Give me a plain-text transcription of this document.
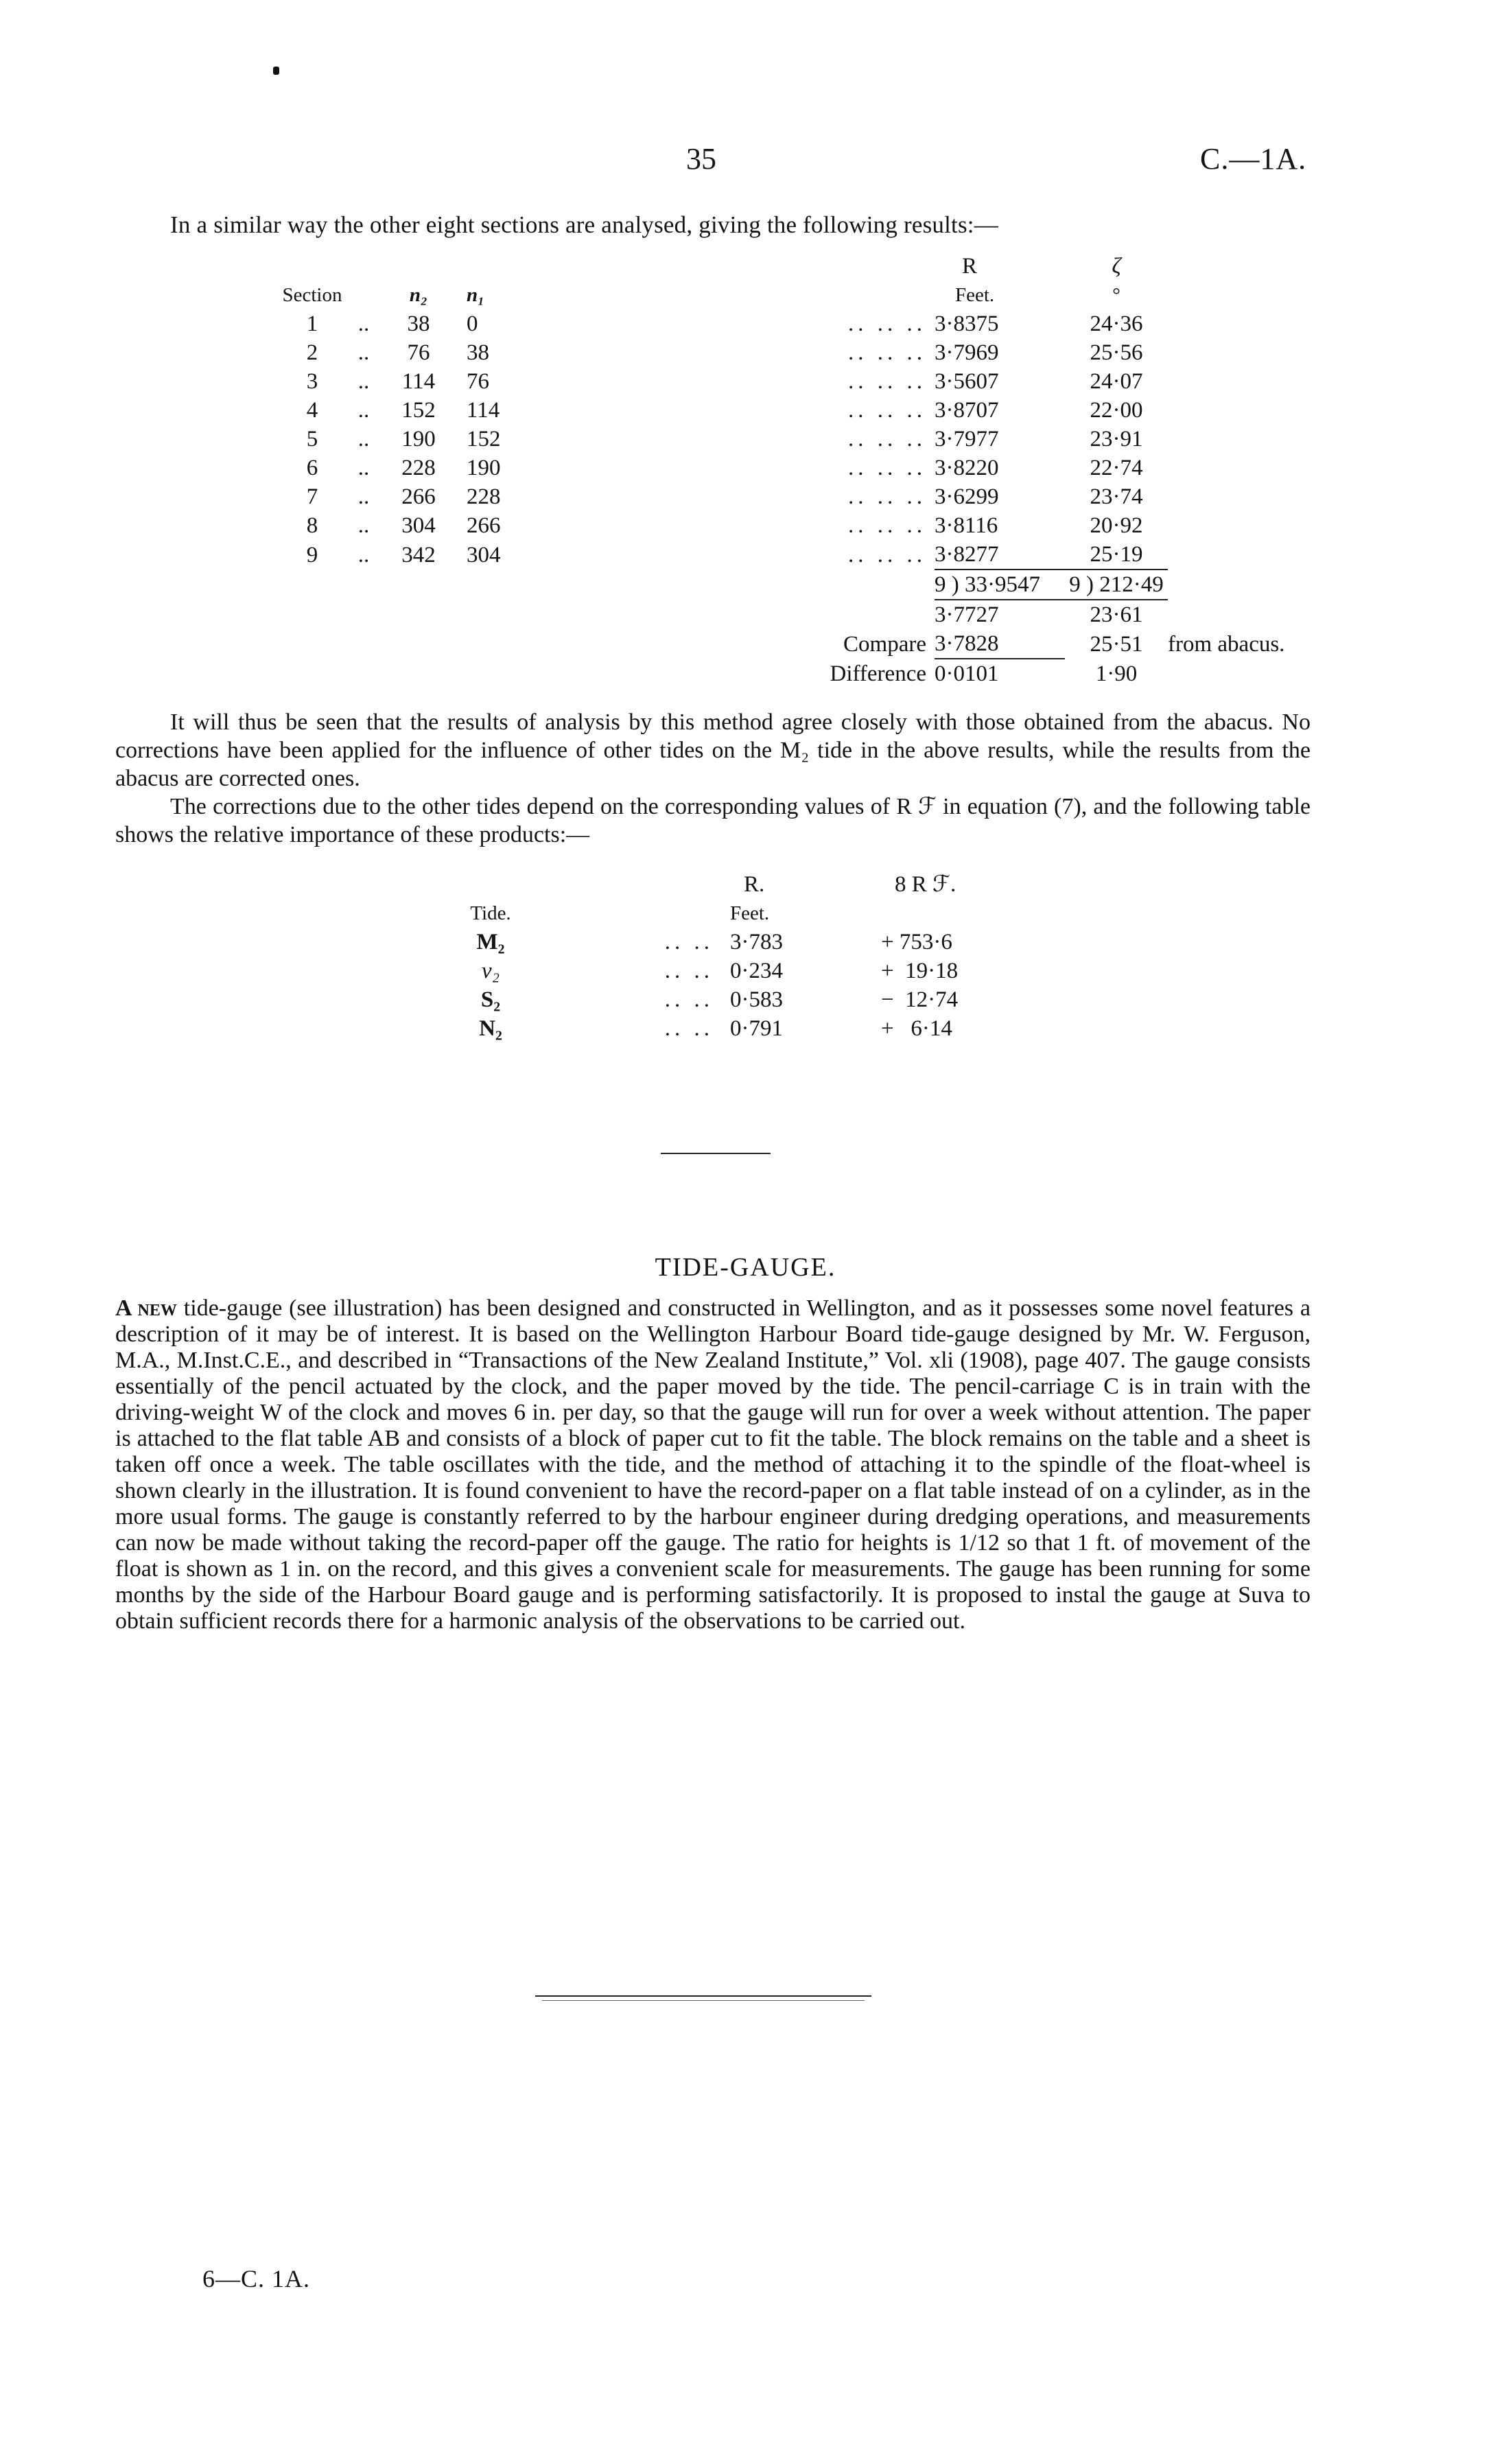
35	C.—1A.
In a similar way the other eight sections are analysed, giving the following results:—
					R	ζ	
Section		n₂	n₁		Feet.	°	
1	..	38	0	.. .. ..	3·8375	24·36	
2	..	76	38	.. .. ..	3·7969	25·56	
3	..	114	76	.. .. ..	3·5607	24·07	
4	..	152	114	.. .. ..	3·8707	22·00	
5	..	190	152	.. .. ..	3·7977	23·91	
6	..	228	190	.. .. ..	3·8220	22·74	
7	..	266	228	.. .. ..	3·6299	23·74	
8	..	304	266	.. .. ..	3·8116	20·92	
9	..	342	304	.. .. ..	3·8277	25·19	
					9 ) 33·9547	9 ) 212·49	
					3·7727	23·61	
				Compare	3·7828	25·51	from abacus.
				Difference	0·0101	1·90	

It will thus be seen that the results of analysis by this method agree closely with those obtained from the abacus. No corrections have been applied for the influence of other tides on the M₂ tide in the above results, while the results from the abacus are corrected ones.

The corrections due to the other tides depend on the corresponding values of R ℱ in equation (7), and the following table shows the relative importance of these products:—

		R.	8 R ℱ.
Tide.		Feet.	
M₂	.. ..	3·783	+ 753·6
ν₂	.. ..	0·234	+  19·18
S₂	.. ..	0·583	−  12·74
N₂	.. ..	0·791	+   6·14
TIDE-GAUGE.

A new tide-gauge (see illustration) has been designed and constructed in Wellington, and as it possesses some novel features a description of it may be of interest. It is based on the Wellington Harbour Board tide-gauge designed by Mr. W. Ferguson, M.A., M.Inst.C.E., and described in “Transactions of the New Zealand Institute,” Vol. xli (1908), page 407. The gauge consists essentially of the pencil actuated by the clock, and the paper moved by the tide. The pencil-carriage C is in train with the driving-weight W of the clock and moves 6 in. per day, so that the gauge will run for over a week without attention. The paper is attached to the flat table AB and consists of a block of paper cut to fit the table. The block remains on the table and a sheet is taken off once a week. The table oscillates with the tide, and the method of attaching it to the spindle of the float-wheel is shown clearly in the illustration. It is found convenient to have the record-paper on a flat table instead of on a cylinder, as in the more usual forms. The gauge is constantly referred to by the harbour engineer during dredging operations, and measurements can now be made without taking the record-paper off the gauge. The ratio for heights is 1/12 so that 1 ft. of movement of the float is shown as 1 in. on the record, and this gives a convenient scale for measurements. The gauge has been running for some months by the side of the Harbour Board gauge and is performing satisfactorily. It is proposed to instal the gauge at Suva to obtain sufficient records there for a harmonic analysis of the observations to be carried out.

6—C. 1A.
